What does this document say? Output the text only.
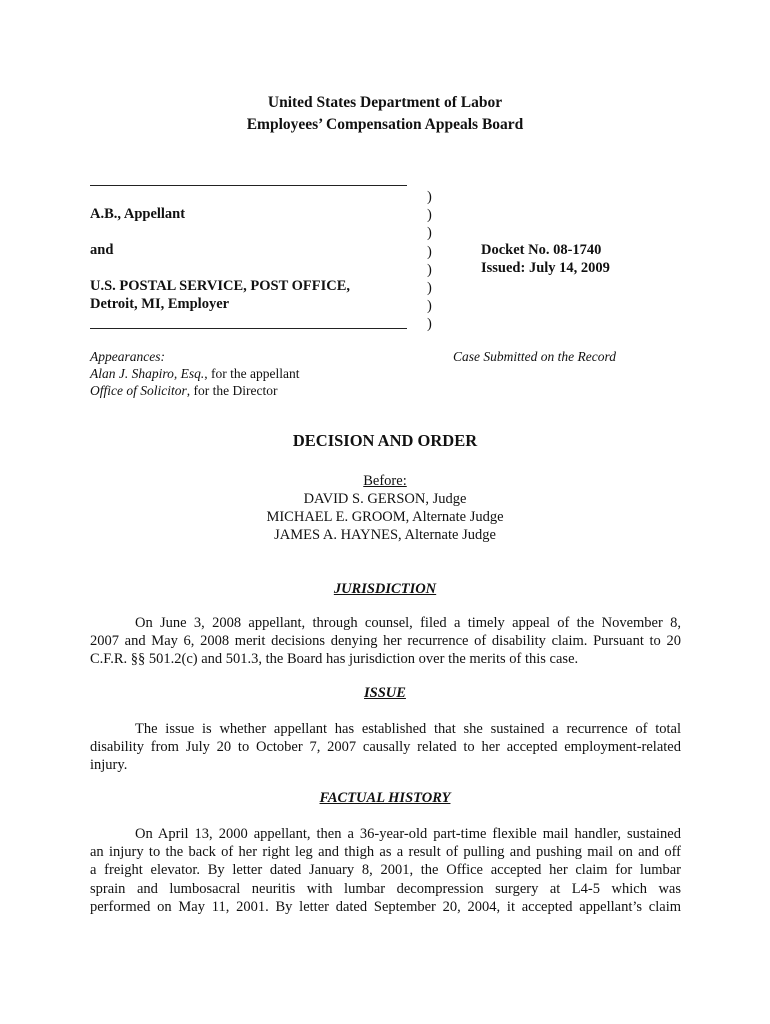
United States Department of Labor
Employees’ Compensation Appeals Board
A.B., Appellant
and
U.S. POSTAL SERVICE, POST OFFICE,
Detroit, MI, Employer
)
)
)
)
)
)
)
)
Docket No. 08-1740
Issued: July 14, 2009
Appearances:
Alan J. Shapiro, Esq., for the appellant
Office of Solicitor, for the Director
Case Submitted on the Record
DECISION AND ORDER
Before:
DAVID S. GERSON, Judge
MICHAEL E. GROOM, Alternate Judge
JAMES A. HAYNES, Alternate Judge
JURISDICTION
On June 3, 2008 appellant, through counsel, filed a timely appeal of the November 8,
2007 and May 6, 2008 merit decisions denying her recurrence of disability claim. Pursuant to 20
C.F.R. §§ 501.2(c) and 501.3, the Board has jurisdiction over the merits of this case.
ISSUE
The issue is whether appellant has established that she sustained a recurrence of total
disability from July 20 to October 7, 2007 causally related to her accepted employment-related
injury.
FACTUAL HISTORY
On April 13, 2000 appellant, then a 36-year-old part-time flexible mail handler, sustained
an injury to the back of her right leg and thigh as a result of pulling and pushing mail on and off
a freight elevator. By letter dated January 8, 2001, the Office accepted her claim for lumbar
sprain and lumbosacral neuritis with lumbar decompression surgery at L4-5 which was
performed on May 11, 2001. By letter dated September 20, 2004, it accepted appellant’s claim
